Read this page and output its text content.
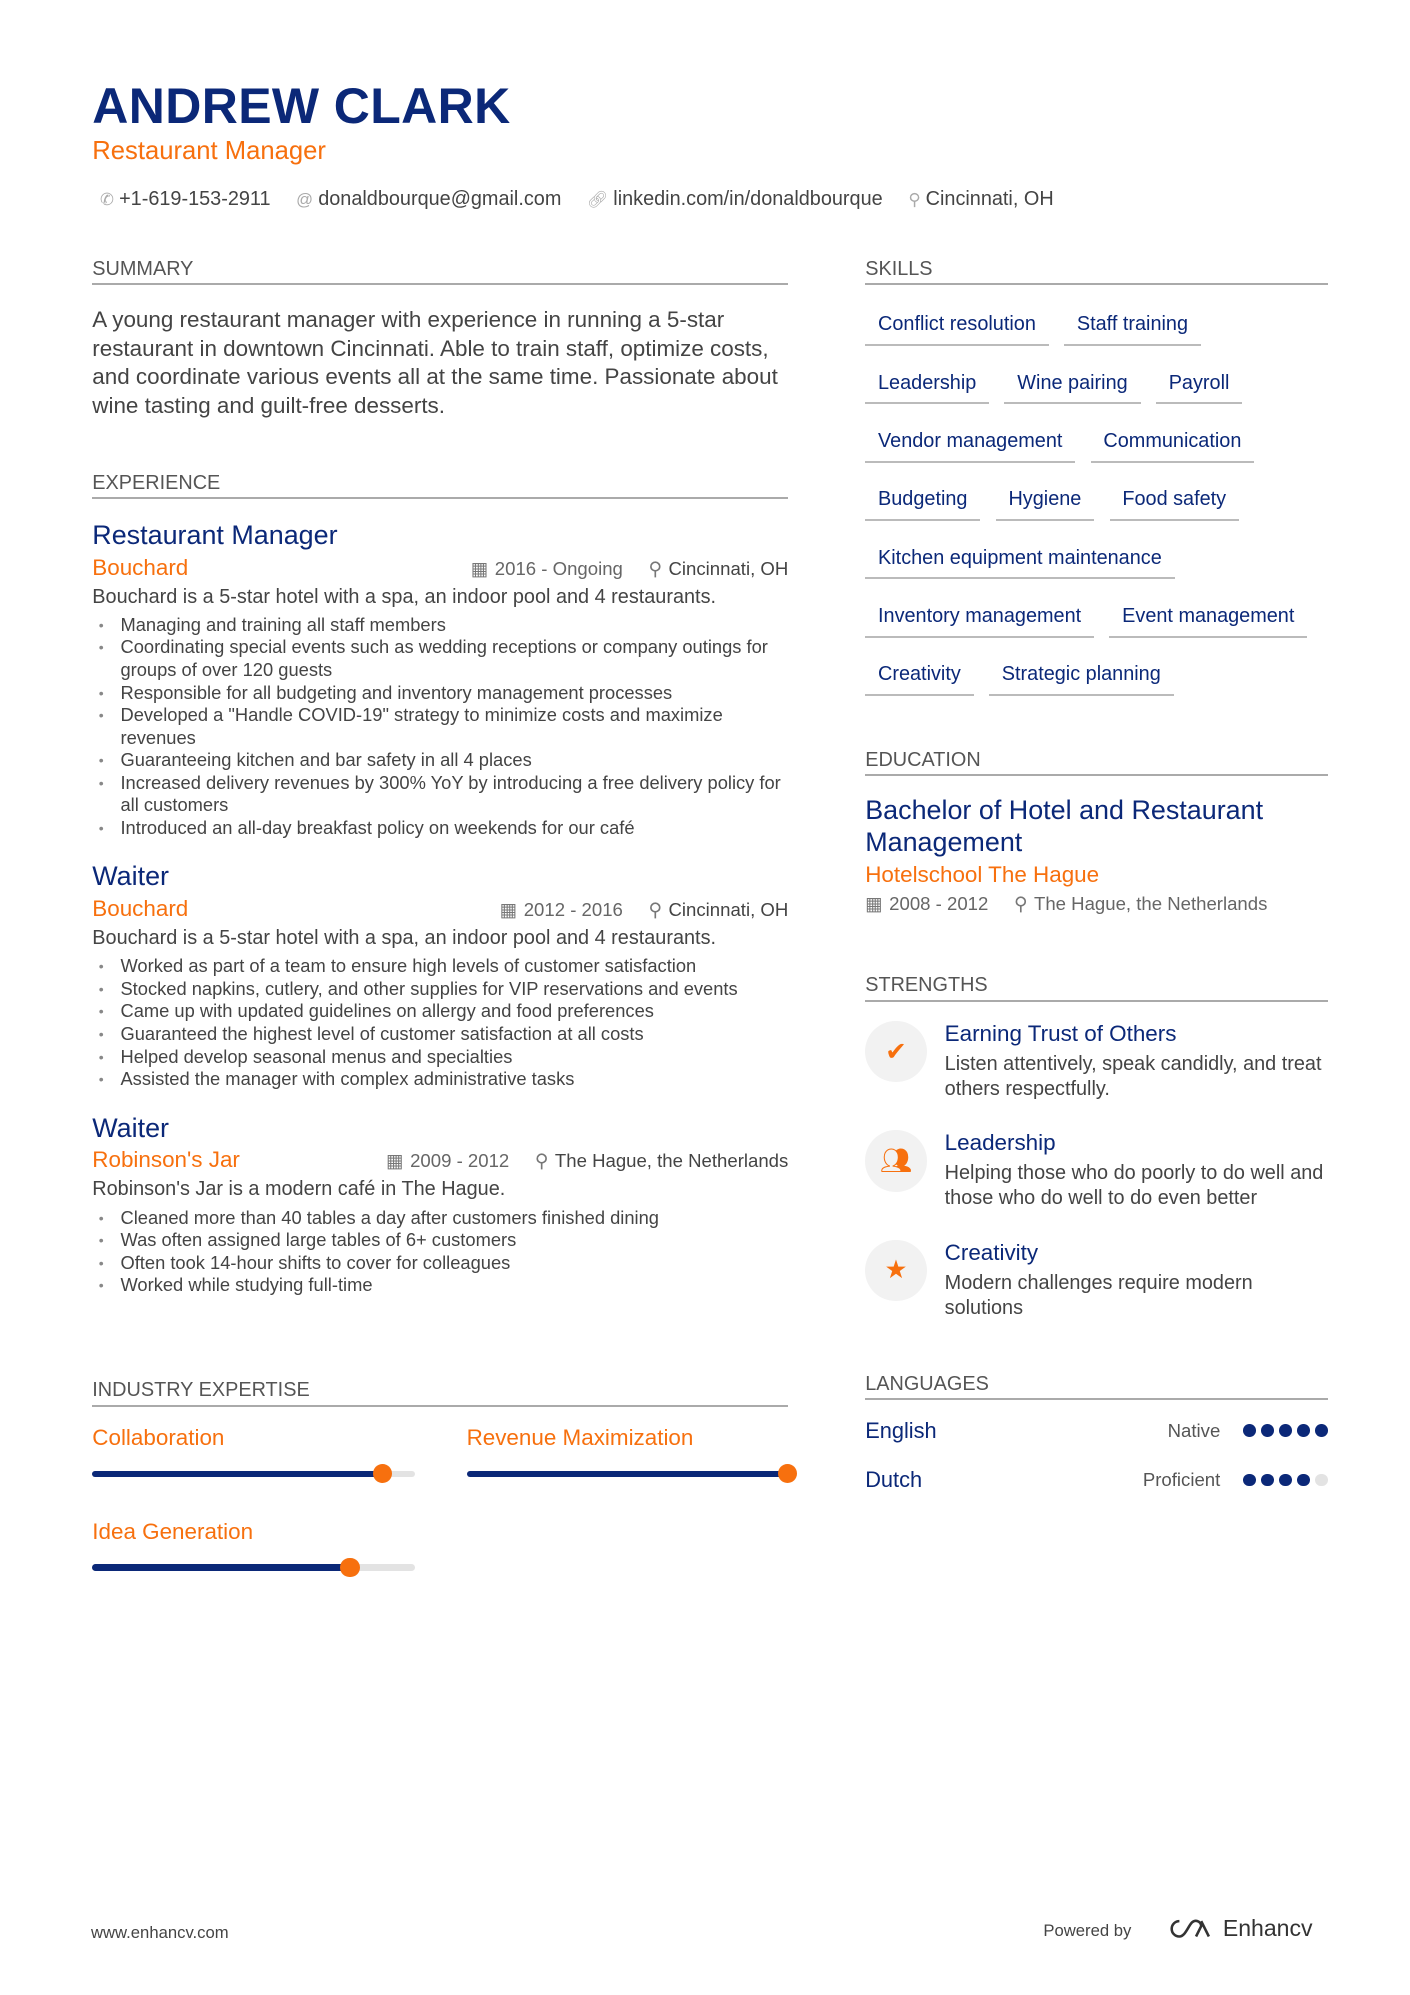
ANDREW CLARK
Restaurant Manager
✆ +1-619-153-2911 @ donaldbourque@gmail.com 🔗︎ linkedin.com/in/donaldbourque ⚲ Cincinnati, OH
SUMMARY
A young restaurant manager with experience in running a 5-star restaurant in downtown Cincinnati. Able to train staff, optimize costs, and coordinate various events all at the same time. Passionate about wine tasting and guilt-free desserts.
EXPERIENCE
Restaurant Manager
Bouchard	▦ 2016 - Ongoing ⚲ Cincinnati, OH
Bouchard is a 5-star hotel with a spa, an indoor pool and 4 restaurants.
• Managing and training all staff members
• Coordinating special events such as wedding receptions or company outings for groups of over 120 guests
• Responsible for all budgeting and inventory management processes
• Developed a "Handle COVID-19" strategy to minimize costs and maximize revenues
• Guaranteeing kitchen and bar safety in all 4 places
• Increased delivery revenues by 300% YoY by introducing a free delivery policy for all customers
• Introduced an all-day breakfast policy on weekends for our café
Waiter
Bouchard	▦ 2012 - 2016 ⚲ Cincinnati, OH
Bouchard is a 5-star hotel with a spa, an indoor pool and 4 restaurants.
• Worked as part of a team to ensure high levels of customer satisfaction
• Stocked napkins, cutlery, and other supplies for VIP reservations and events
• Came up with updated guidelines on allergy and food preferences
• Guaranteed the highest level of customer satisfaction at all costs
• Helped develop seasonal menus and specialties
• Assisted the manager with complex administrative tasks
Waiter
Robinson's Jar	▦ 2009 - 2012 ⚲ The Hague, the Netherlands
Robinson's Jar is a modern café in The Hague.
• Cleaned more than 40 tables a day after customers finished dining
• Was often assigned large tables of 6+ customers
• Often took 14-hour shifts to cover for colleagues
• Worked while studying full-time
INDUSTRY EXPERTISE
Collaboration	Revenue Maximization
Idea Generation
SKILLS
Conflict resolution	Staff training
Leadership	Wine pairing	Payroll
Vendor management	Communication
Budgeting	Hygiene	Food safety
Kitchen equipment maintenance
Inventory management	Event management
Creativity	Strategic planning
EDUCATION
Bachelor of Hotel and Restaurant Management
Hotelschool The Hague
▦ 2008 - 2012 ⚲ The Hague, the Netherlands
STRENGTHS
✔
Earning Trust of Others
Listen attentively, speak candidly, and treat others respectfully.
👥︎
Leadership
Helping those who do poorly to do well and those who do well to do even better
★
Creativity
Modern challenges require modern solutions
LANGUAGES
English	Native
Dutch	Proficient
www.enhancv.com	Powered by	Enhancv
